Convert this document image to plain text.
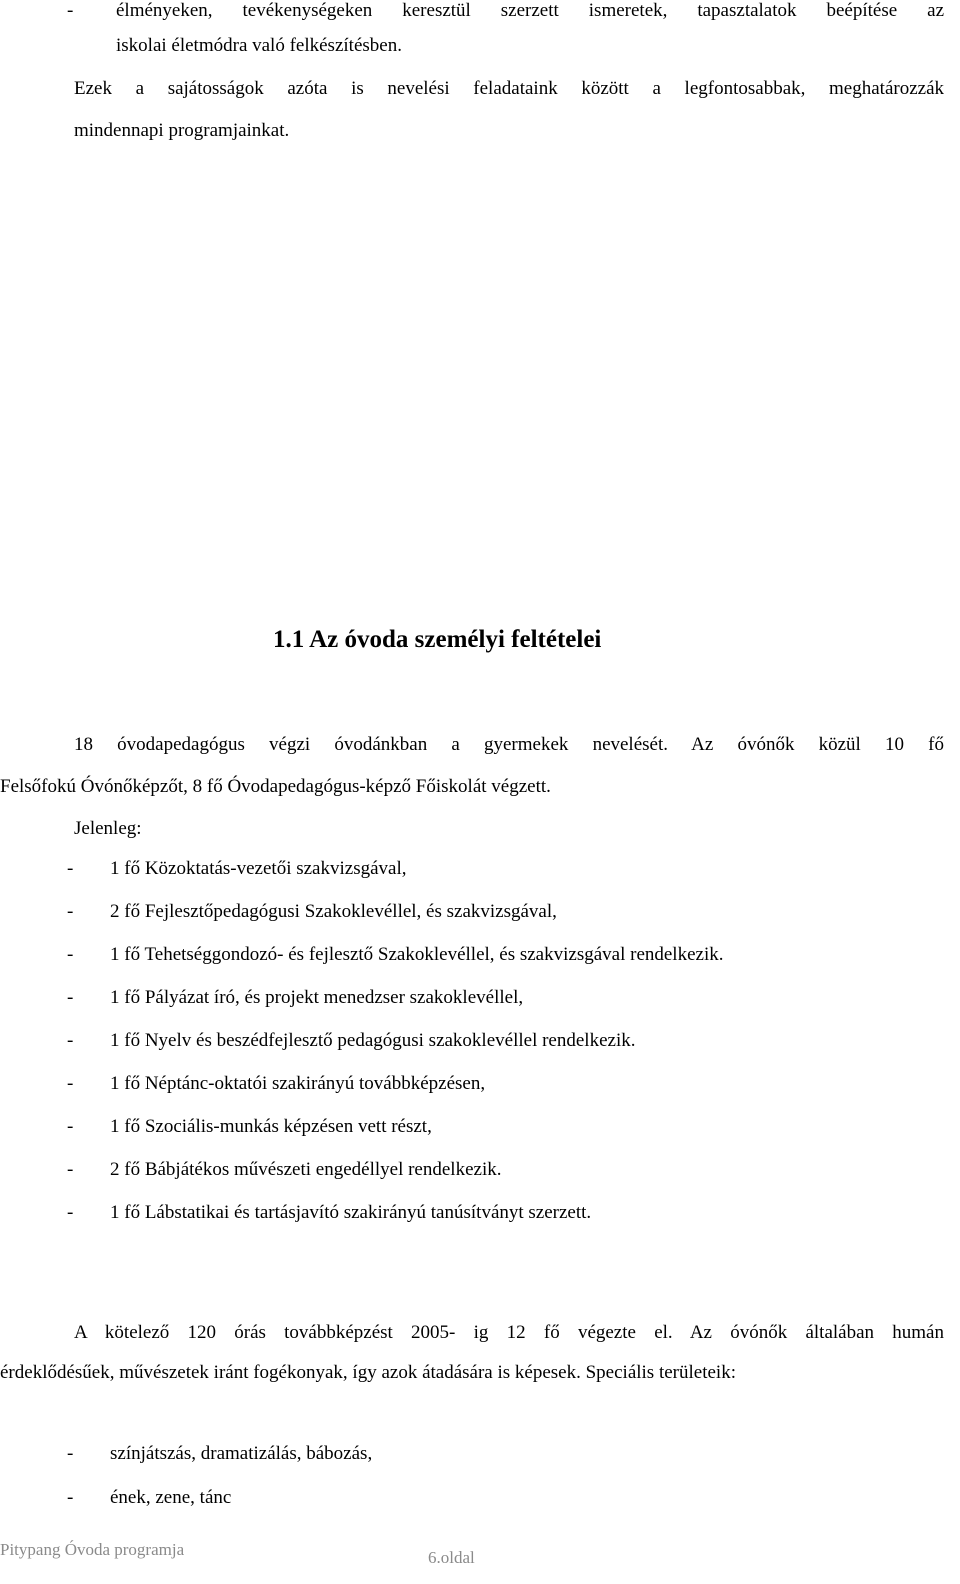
- élményeken, tevékenységeken keresztül szerzett ismeretek, tapasztalatok beépítése az
iskolai életmódra való felkészítésben.
Ezek a sajátosságok azóta is nevelési feladataink között a legfontosabbak, meghatározzák
mindennapi programjainkat.
1.1 Az óvoda személyi feltételei
18 óvodapedagógus végzi óvodánkban a gyermekek nevelését. Az óvónők közül 10 fő
Felsőfokú Óvónőképzőt, 8 fő Óvodapedagógus-képző Főiskolát végzett.
Jelenleg:
- 1 fő Közoktatás-vezetői szakvizsgával,
- 2 fő Fejlesztőpedagógusi Szakoklevéllel, és szakvizsgával,
- 1 fő Tehetséggondozó- és fejlesztő Szakoklevéllel, és szakvizsgával rendelkezik.
- 1 fő Pályázat író, és projekt menedzser szakoklevéllel,
- 1 fő Nyelv és beszédfejlesztő pedagógusi szakoklevéllel rendelkezik.
- 1 fő Néptánc-oktatói szakirányú továbbképzésen,
- 1 fő Szociális-munkás képzésen vett részt,
- 2 fő Bábjátékos művészeti engedéllyel rendelkezik.
- 1 fő Lábstatikai és tartásjavító szakirányú tanúsítványt szerzett.
A kötelező 120 órás továbbképzést 2005- ig 12 fő végezte el. Az óvónők általában humán
érdeklődésűek, művészetek iránt fogékonyak, így azok átadására is képesek. Speciális területeik:
- színjátszás, dramatizálás, bábozás,
- ének, zene, tánc
Pitypang Óvoda programja	6.oldal
